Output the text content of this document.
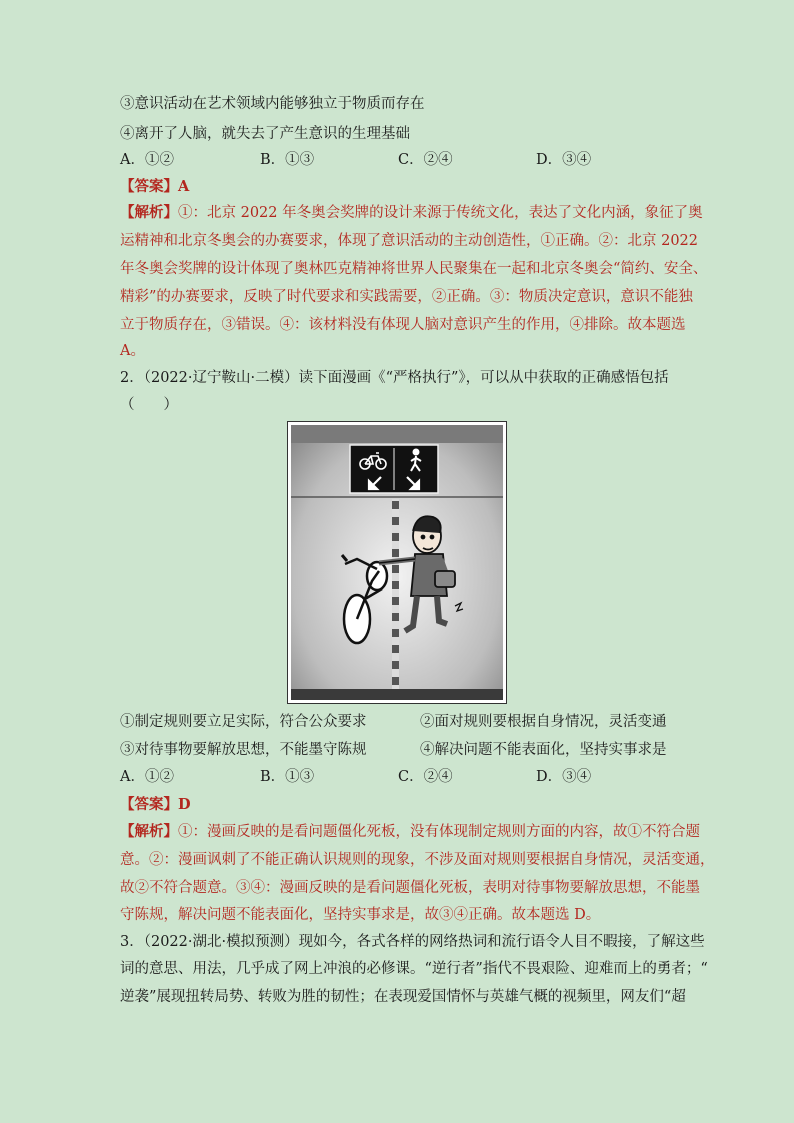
③意识活动在艺术领域内能够独立于物质而存在
④离开了人脑，就失去了产生意识的生理基础
A．①②	B．①③	C．②④	D．③④
【答案】A
【解析】①：北京 2022 年冬奥会奖牌的设计来源于传统文化，表达了文化内涵，象征了奥
运精神和北京冬奥会的办赛要求，体现了意识活动的主动创造性，①正确。②：北京 2022
年冬奥会奖牌的设计体现了奥林匹克精神将世界人民聚集在一起和北京冬奥会“简约、安全、
精彩”的办赛要求，反映了时代要求和实践需要，②正确。③：物质决定意识，意识不能独
立于物质存在，③错误。④：该材料没有体现人脑对意识产生的作用，④排除。故本题选
A。
2．（2022·辽宁鞍山·二模）读下面漫画《“严格执行”》，可以从中获取的正确感悟包括
（　　）
①制定规则要立足实际，符合公众要求	②面对规则要根据自身情况，灵活变通
③对待事物要解放思想，不能墨守陈规	④解决问题不能表面化，坚持实事求是
A．①②	B．①③	C．②④	D．③④
【答案】D
【解析】①：漫画反映的是看问题僵化死板，没有体现制定规则方面的内容，故①不符合题
意。②：漫画讽刺了不能正确认识规则的现象，不涉及面对规则要根据自身情况，灵活变通，
故②不符合题意。③④：漫画反映的是看问题僵化死板，表明对待事物要解放思想，不能墨
守陈规，解决问题不能表面化，坚持实事求是，故③④正确。故本题选 D。
3．（2022·湖北·模拟预测）现如今，各式各样的网络热词和流行语令人目不暇接，了解这些
词的意思、用法，几乎成了网上冲浪的必修课。“逆行者”指代不畏艰险、迎难而上的勇者；“
逆袭”展现扭转局势、转败为胜的韧性；在表现爱国情怀与英雄气概的视频里，网友们“超
